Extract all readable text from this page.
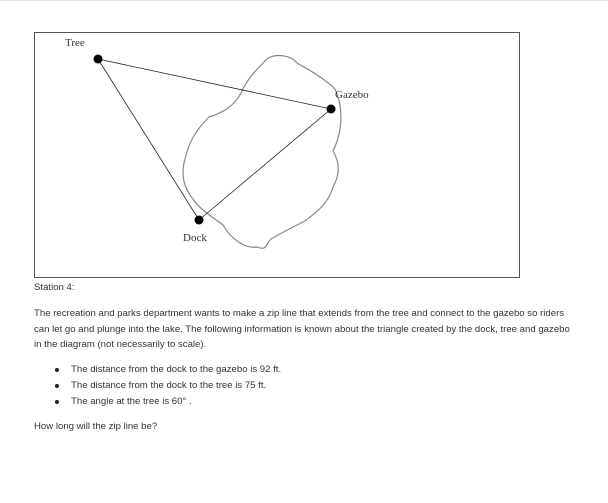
Tree
Gazebo
Dock
Station 4:
The recreation and parks department wants to make a zip line that extends from the tree and connect to the gazebo so riders can let go and plunge into the lake. The following information is known about the triangle created by the dock, tree and gazebo in the diagram (not necessarily to scale).
The distance from the dock to the gazebo is 92 ft.
The distance from the dock to the tree is 75 ft.
The angle at the tree is 60° .
How long will the zip line be?
